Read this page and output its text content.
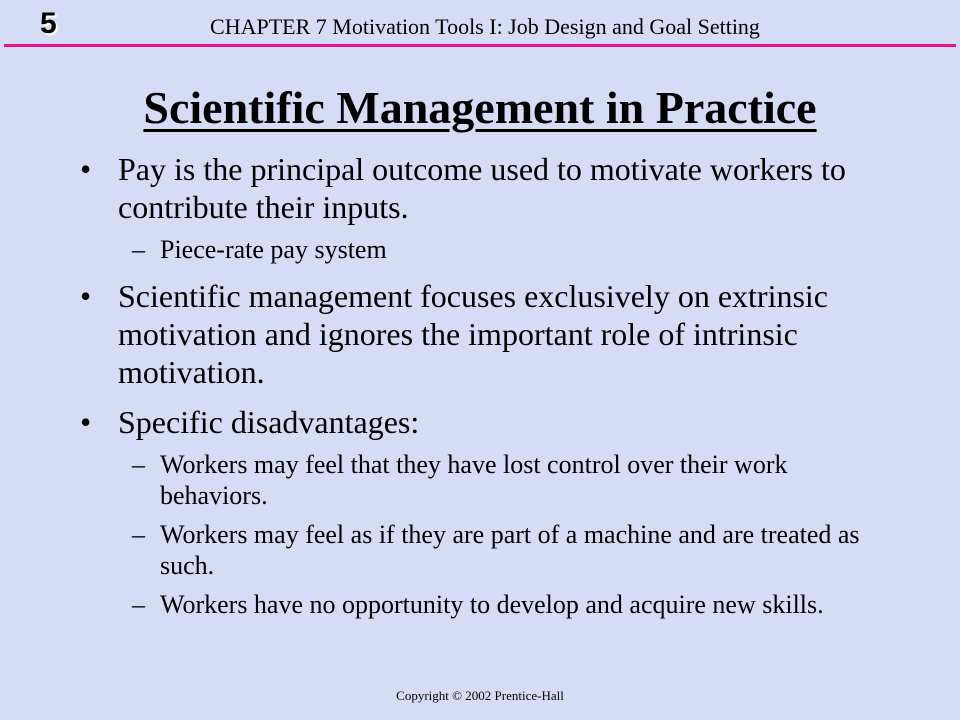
5	CHAPTER 7 Motivation Tools I: Job Design and Goal Setting
Scientific Management in Practice
• Pay is the principal outcome used to motivate workers to contribute their inputs.
– Piece-rate pay system
• Scientific management focuses exclusively on extrinsic motivation and ignores the important role of intrinsic motivation.
• Specific disadvantages:
– Workers may feel that they have lost control over their work behaviors.
– Workers may feel as if they are part of a machine and are treated as such.
– Workers have no opportunity to develop and acquire new skills.
Copyright © 2002 Prentice-Hall
